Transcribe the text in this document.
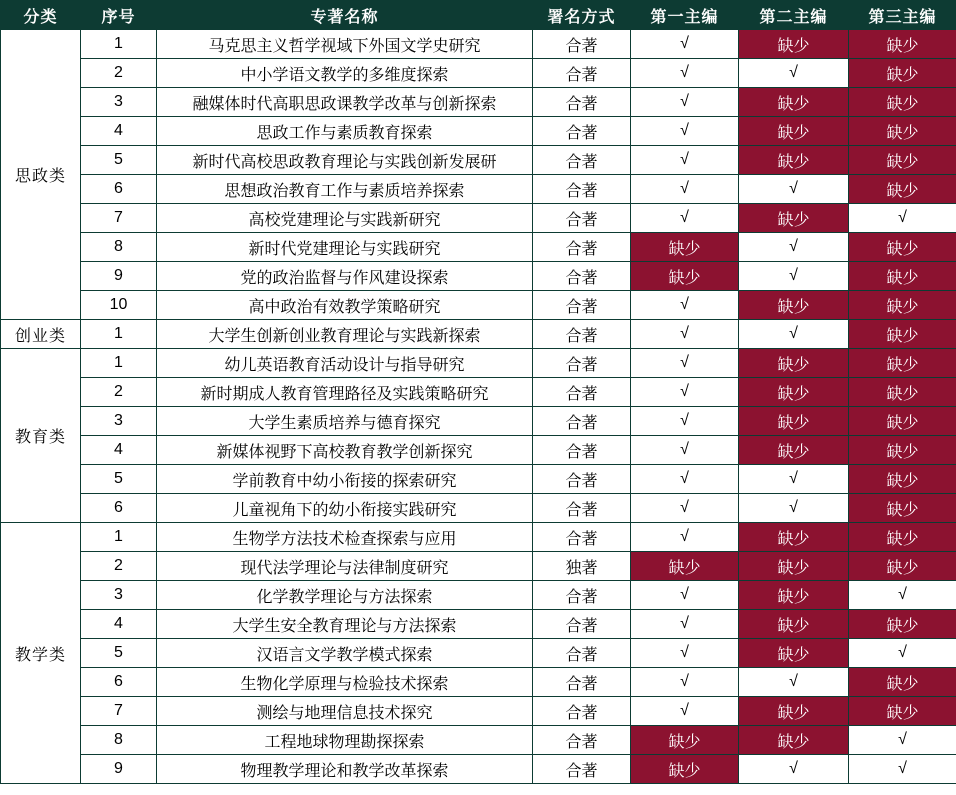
分类	序号	专著名称	署名方式	第一主编	第二主编	第三主编
思政类	1	马克思主义哲学视域下外国文学史研究	合著	√	缺少	缺少
	2	中小学语文教学的多维度探索	合著	√	√	缺少
	3	融媒体时代高职思政课教学改革与创新探索	合著	√	缺少	缺少
	4	思政工作与素质教育探索	合著	√	缺少	缺少
	5	新时代高校思政教育理论与实践创新发展研	合著	√	缺少	缺少
	6	思想政治教育工作与素质培养探索	合著	√	√	缺少
	7	高校党建理论与实践新研究	合著	√	缺少	√
	8	新时代党建理论与实践研究	合著	缺少	√	缺少
	9	党的政治监督与作风建设探索	合著	缺少	√	缺少
	10	高中政治有效教学策略研究	合著	√	缺少	缺少
创业类	1	大学生创新创业教育理论与实践新探索	合著	√	√	缺少
教育类	1	幼儿英语教育活动设计与指导研究	合著	√	缺少	缺少
	2	新时期成人教育管理路径及实践策略研究	合著	√	缺少	缺少
	3	大学生素质培养与德育探究	合著	√	缺少	缺少
	4	新媒体视野下高校教育教学创新探究	合著	√	缺少	缺少
	5	学前教育中幼小衔接的探索研究	合著	√	√	缺少
	6	儿童视角下的幼小衔接实践研究	合著	√	√	缺少
教学类	1	生物学方法技术检查探索与应用	合著	√	缺少	缺少
	2	现代法学理论与法律制度研究	独著	缺少	缺少	缺少
	3	化学教学理论与方法探索	合著	√	缺少	√
	4	大学生安全教育理论与方法探索	合著	√	缺少	缺少
	5	汉语言文学教学模式探索	合著	√	缺少	√
	6	生物化学原理与检验技术探索	合著	√	√	缺少
	7	测绘与地理信息技术探究	合著	√	缺少	缺少
	8	工程地球物理勘探探索	合著	缺少	缺少	√
	9	物理教学理论和教学改革探索	合著	缺少	√	√
